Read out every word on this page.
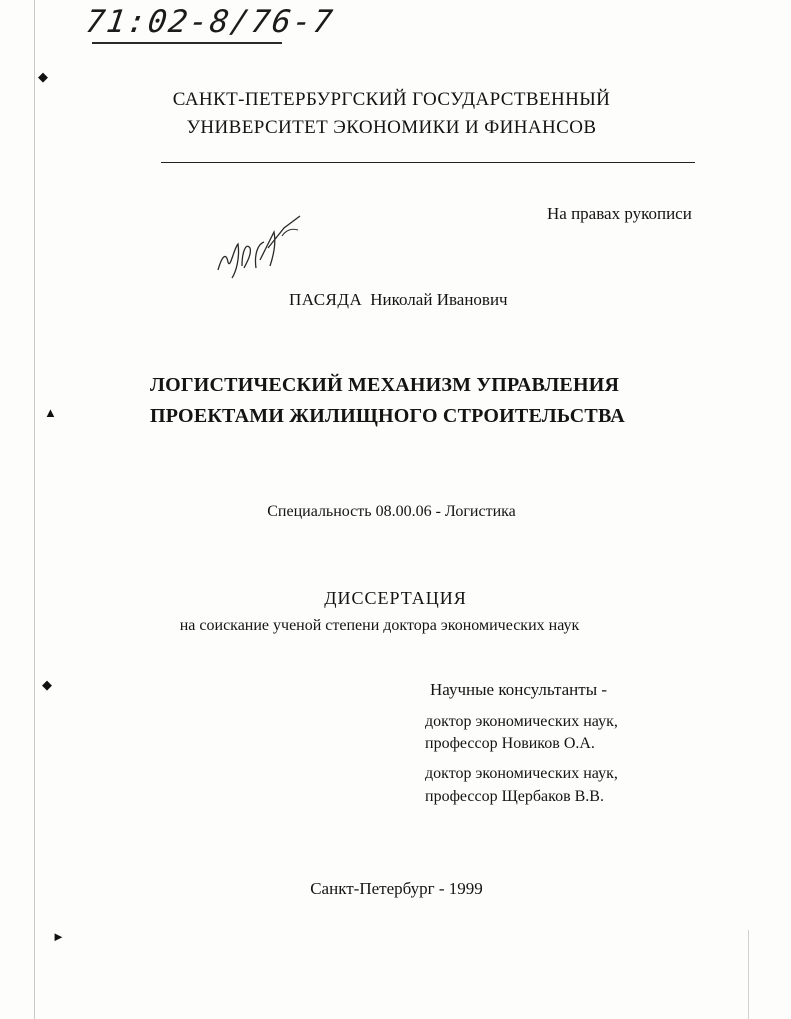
◆
▲
◆
►
71:02-8/76-7
САНКТ-ПЕТЕРБУРГСКИЙ ГОСУДАРСТВЕННЫЙ
УНИВЕРСИТЕТ ЭКОНОМИКИ И ФИНАНСОВ
На правах рукописи
ПАСЯДА Николай Иванович
ЛОГИСТИЧЕСКИЙ МЕХАНИЗМ УПРАВЛЕНИЯ
ПРОЕКТАМИ ЖИЛИЩНОГО СТРОИТЕЛЬСТВА
Специальность 08.00.06 - Логистика
ДИССЕРТАЦИЯ
на соискание ученой степени доктора экономических наук
Научные консультанты -
доктор экономических наук,
профессор Новиков О.А.
доктор экономических наук,
профессор Щербаков В.В.
Санкт-Петербург - 1999
